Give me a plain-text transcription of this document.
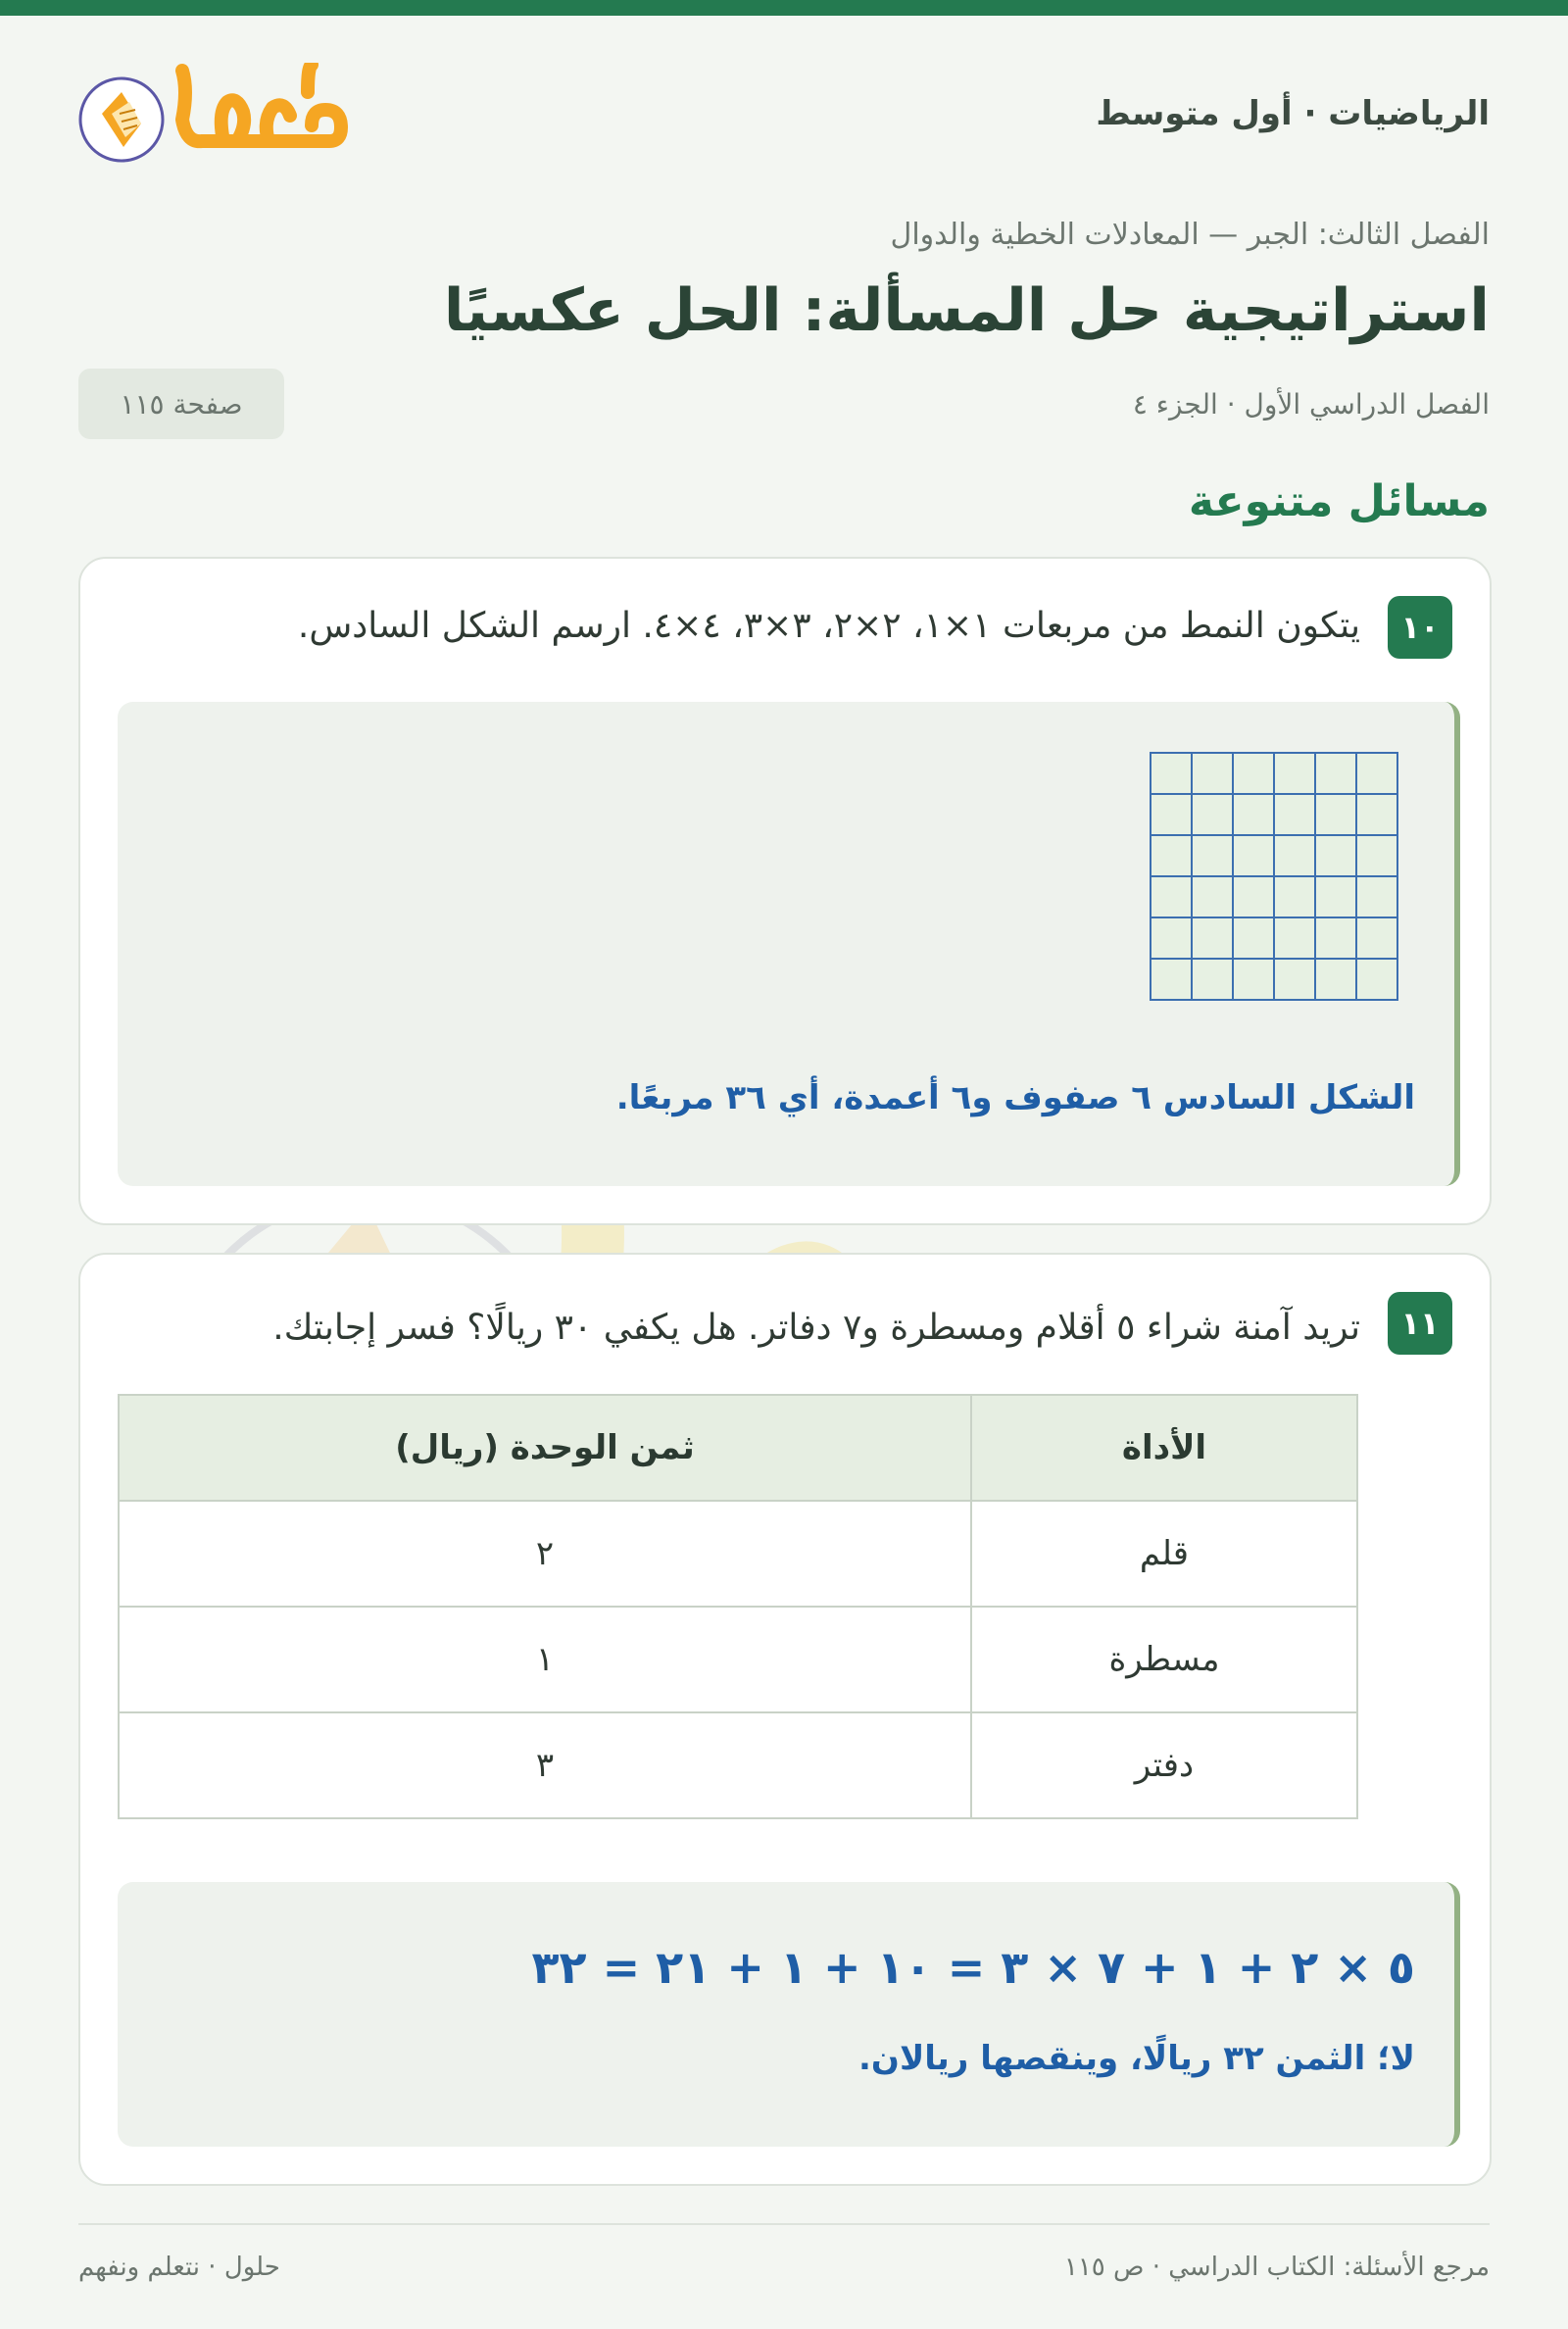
الرياضيات · أول متوسط
الفصل الثالث: الجبر — المعادلات الخطية والدوال
استراتيجية حل المسألة: الحل عكسيًا
الفصل الدراسي الأول · الجزء ٤
صفحة ١١٥
مسائل متنوعة
١٠
يتكون النمط من مربعات ١×١، ٢×٢، ٣×٣، ٤×٤. ارسم الشكل السادس.
الشكل السادس ٦ صفوف و٦ أعمدة، أي ٣٦ مربعًا.
١١
تريد آمنة شراء ٥ أقلام ومسطرة و٧ دفاتر. هل يكفي ٣٠ ريالًا؟ فسر إجابتك.
الأداة	ثمن الوحدة (ريال)
قلم	٢
مسطرة	١
دفتر	٣
٥ × ٢ + ١ + ٧ × ٣ = ١٠ + ١ + ٢١ = ٣٢
لا؛ الثمن ٣٢ ريالًا، وينقصها ريالان.
مرجع الأسئلة: الكتاب الدراسي · ص ١١٥
حلول · نتعلم ونفهم
